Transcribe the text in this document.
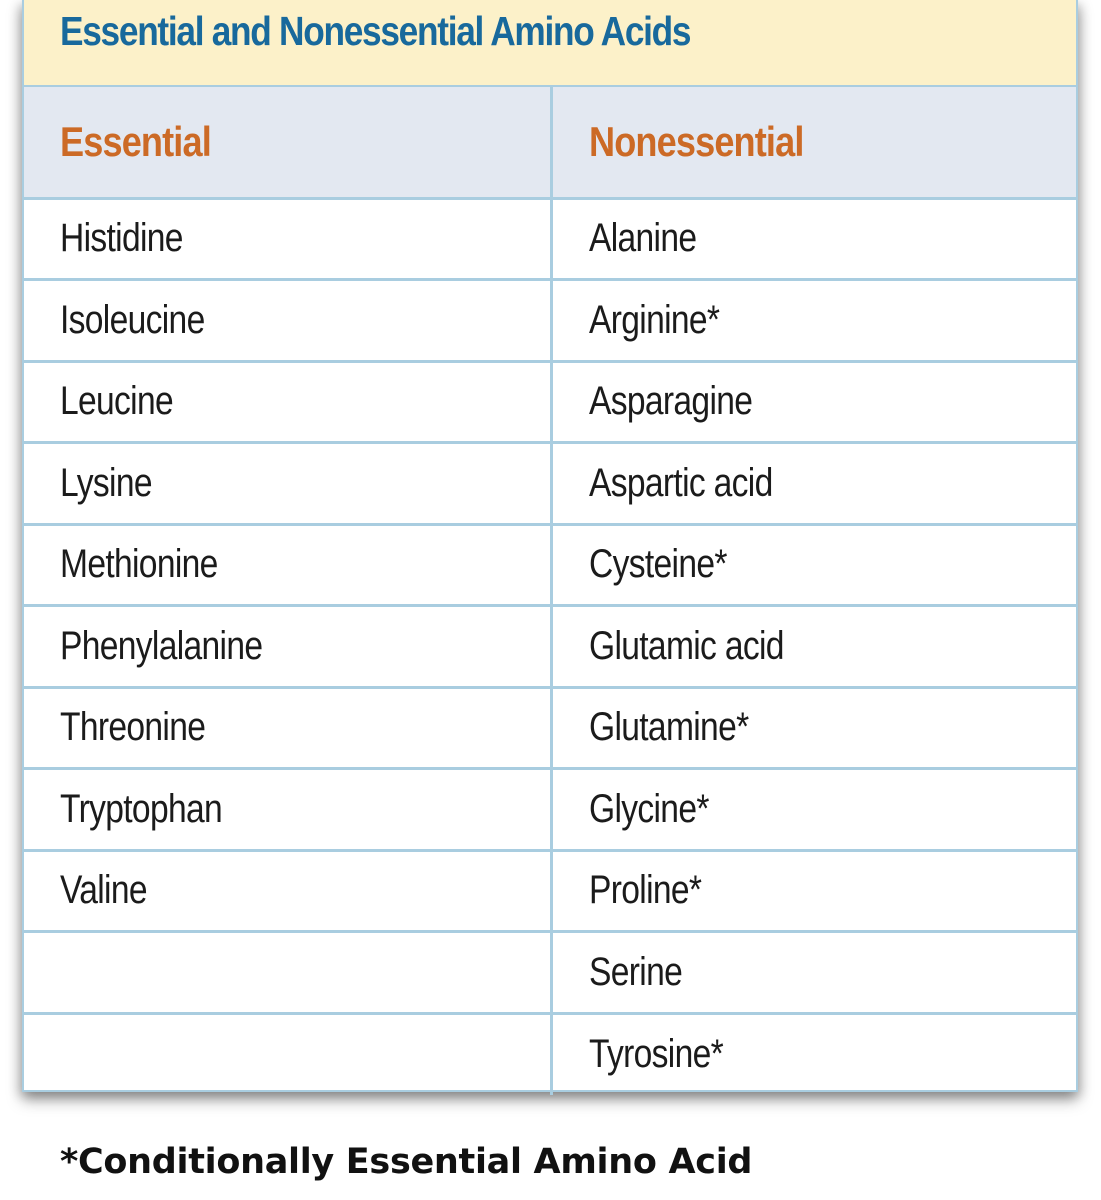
Essential and Nonessential Amino Acids
Essential	Nonessential
Histidine	Alanine
Isoleucine	Arginine*
Leucine	Asparagine
Lysine	Aspartic acid
Methionine	Cysteine*
Phenylalanine	Glutamic acid
Threonine	Glutamine*
Tryptophan	Glycine*
Valine	Proline*
	Serine
	Tyrosine*
*Conditionally Essential Amino Acid
